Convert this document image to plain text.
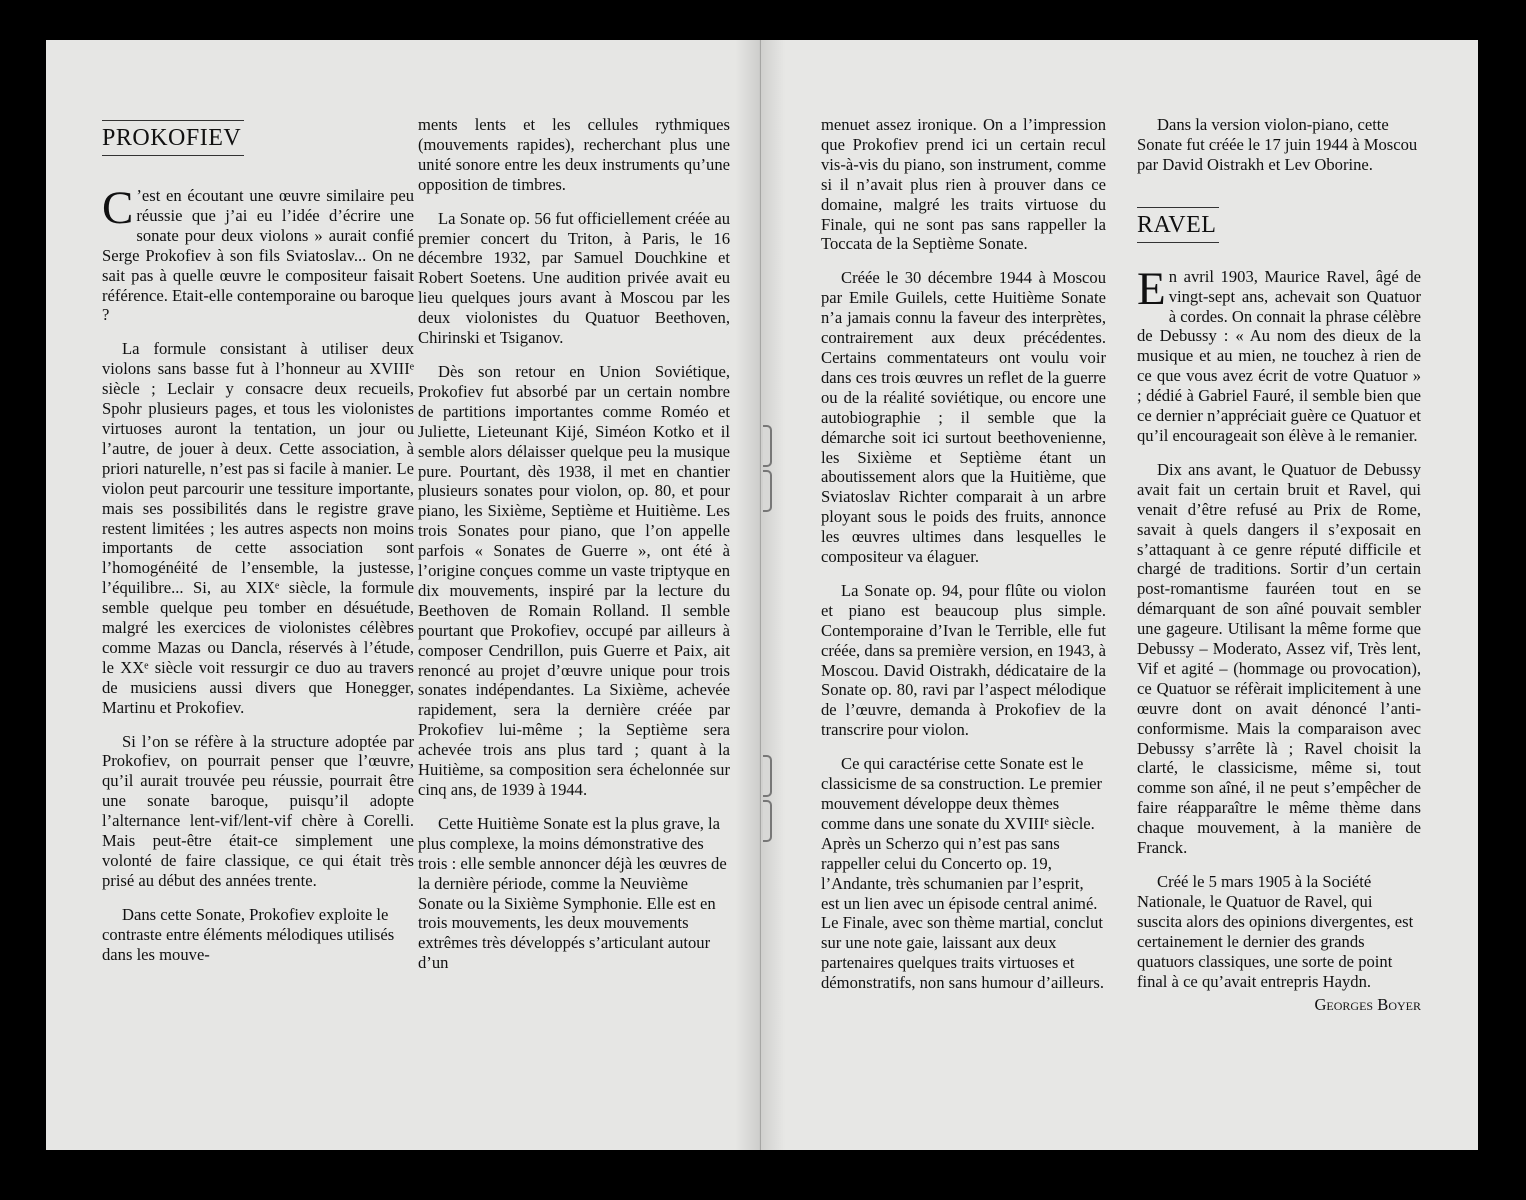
PROKOFIEV

C ’est en écoutant une œuvre similaire peu réussie que j’ai eu l’idée d’écrire une sonate pour deux violons » aurait confié Serge Prokofiev à son fils Sviatoslav... On ne sait pas à quelle œuvre le compositeur faisait référence. Etait-elle contemporaine ou baroque ?

La formule consistant à utiliser deux violons sans basse fut à l’honneur au XVIIIᵉ siècle ; Leclair y consacre deux recueils, Spohr plusieurs pages, et tous les violonistes virtuoses auront la tentation, un jour ou l’autre, de jouer à deux. Cette association, à priori naturelle, n’est pas si facile à manier. Le violon peut parcourir une tessiture importante, mais ses possibilités dans le registre grave restent limitées ; les autres aspects non moins importants de cette association sont l’homogénéité de l’ensemble, la justesse, l’équilibre... Si, au XIXᵉ siècle, la formule semble quelque peu tomber en désuétude, malgré les exercices de violonistes célèbres comme Mazas ou Dancla, réservés à l’étude, le XXᵉ siècle voit ressurgir ce duo au travers de musiciens aussi divers que Honegger, Martinu et Prokofiev.

Si l’on se réfère à la structure adoptée par Prokofiev, on pourrait penser que l’œuvre, qu’il aurait trouvée peu réussie, pourrait être une sonate baroque, puisqu’il adopte l’alternance lent-vif/lent-vif chère à Corelli. Mais peut-être était-ce simplement une volonté de faire classique, ce qui était très prisé au début des années trente.

Dans cette Sonate, Prokofiev exploite le contraste entre éléments mélodiques utilisés dans les mouve-

ments lents et les cellules rythmiques (mouvements rapides), recherchant plus une unité sonore entre les deux instruments qu’une opposition de timbres.

La Sonate op. 56 fut officiellement créée au premier concert du Triton, à Paris, le 16 décembre 1932, par Samuel Douchkine et Robert Soetens. Une audition privée avait eu lieu quelques jours avant à Moscou par les deux violonistes du Quatuor Beethoven, Chirinski et Tsiganov.

Dès son retour en Union Soviétique, Prokofiev fut absorbé par un certain nombre de partitions importantes comme Roméo et Juliette, Lieteunant Kijé, Siméon Kotko et il semble alors délaisser quelque peu la musique pure. Pourtant, dès 1938, il met en chantier plusieurs sonates pour violon, op. 80, et pour piano, les Sixième, Septième et Huitième. Les trois Sonates pour piano, que l’on appelle parfois « Sonates de Guerre », ont été à l’origine conçues comme un vaste triptyque en dix mouvements, inspiré par la lecture du Beethoven de Romain Rolland. Il semble pourtant que Prokofiev, occupé par ailleurs à composer Cendrillon, puis Guerre et Paix, ait renoncé au projet d’œuvre unique pour trois sonates indépendantes. La Sixième, achevée rapidement, sera la dernière créée par Prokofiev lui-même ; la Septième sera achevée trois ans plus tard ; quant à la Huitième, sa composition sera échelonnée sur cinq ans, de 1939 à 1944.

Cette Huitième Sonate est la plus grave, la plus complexe, la moins démonstrative des trois : elle semble annoncer déjà les œuvres de la dernière période, comme la Neuvième Sonate ou la Sixième Symphonie. Elle est en trois mouvements, les deux mouvements extrêmes très développés s’articulant autour d’un

menuet assez ironique. On a l’impression que Prokofiev prend ici un certain recul vis-à-vis du piano, son instrument, comme si il n’avait plus rien à prouver dans ce domaine, malgré les traits virtuose du Finale, qui ne sont pas sans rappeller la Toccata de la Septième Sonate.

Créée le 30 décembre 1944 à Moscou par Emile Guilels, cette Huitième Sonate n’a jamais connu la faveur des interprètes, contrairement aux deux précédentes. Certains commentateurs ont voulu voir dans ces trois œuvres un reflet de la guerre ou de la réalité soviétique, ou encore une autobiographie ; il semble que la démarche soit ici surtout beethovenienne, les Sixième et Septième étant un aboutissement alors que la Huitième, que Sviatoslav Richter comparait à un arbre ployant sous le poids des fruits, annonce les œuvres ultimes dans lesquelles le compositeur va élaguer.

La Sonate op. 94, pour flûte ou violon et piano est beaucoup plus simple. Contemporaine d’Ivan le Terrible, elle fut créée, dans sa première version, en 1943, à Moscou. David Oistrakh, dédicataire de la Sonate op. 80, ravi par l’aspect mélodique de l’œuvre, demanda à Prokofiev de la transcrire pour violon.

Ce qui caractérise cette Sonate est le classicisme de sa construction. Le premier mouvement développe deux thèmes comme dans une sonate du XVIIIᵉ siècle. Après un Scherzo qui n’est pas sans rappeller celui du Concerto op. 19, l’Andante, très schumanien par l’esprit, est un lien avec un épisode central animé. Le Finale, avec son thème martial, conclut sur une note gaie, laissant aux deux partenaires quelques traits virtuoses et démonstratifs, non sans humour d’ailleurs.

Dans la version violon-piano, cette Sonate fut créée le 17 juin 1944 à Moscou par David Oistrakh et Lev Oborine.

RAVEL

En avril 1903, Maurice Ravel, âgé de vingt-sept ans, achevait son Quatuor à cordes. On connait la phrase célèbre de Debussy : « Au nom des dieux de la musique et au mien, ne touchez à rien de ce que vous avez écrit de votre Quatuor » ; dédié à Gabriel Fauré, il semble bien que ce dernier n’appréciait guère ce Quatuor et qu’il encourageait son élève à le remanier.

Dix ans avant, le Quatuor de Debussy avait fait un certain bruit et Ravel, qui venait d’être refusé au Prix de Rome, savait à quels dangers il s’exposait en s’attaquant à ce genre réputé difficile et chargé de traditions. Sortir d’un certain post-romantisme fauréen tout en se démarquant de son aîné pouvait sembler une gageure. Utilisant la même forme que Debussy – Moderato, Assez vif, Très lent, Vif et agité – (hommage ou provocation), ce Quatuor se réfèrait implicitement à une œuvre dont on avait dénoncé l’anti-conformisme. Mais la comparaison avec Debussy s’arrête là ; Ravel choisit la clarté, le classicisme, même si, tout comme son aîné, il ne peut s’empêcher de faire réapparaître le même thème dans chaque mouvement, à la manière de Franck.

Créé le 5 mars 1905 à la Société Nationale, le Quatuor de Ravel, qui suscita alors des opinions divergentes, est certainement le dernier des grands quatuors classiques, une sorte de point final à ce qu’avait entrepris Haydn.

Georges Boyer
